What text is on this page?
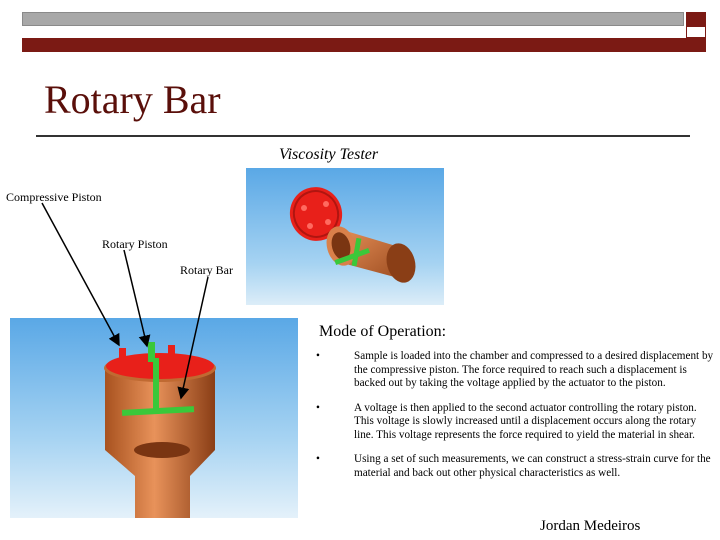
Rotary Bar
Viscosity Tester
Compressive Piston
Rotary Piston
Rotary Bar
Mode of Operation:
•	Sample is loaded into the chamber and compressed to a desired displacement by the compressive piston. The force required to reach such a displacement is backed out by taking the voltage applied by the actuator to the piston.
•	A voltage is then applied to the second actuator controlling the rotary piston. This voltage is slowly increased until a displacement occurs along the rotary line. This voltage represents the force required to yield the material in shear.
•	Using a set of such measurements, we can construct a stress-strain curve for the material and back out other physical characteristics as well.
Jordan Medeiros
